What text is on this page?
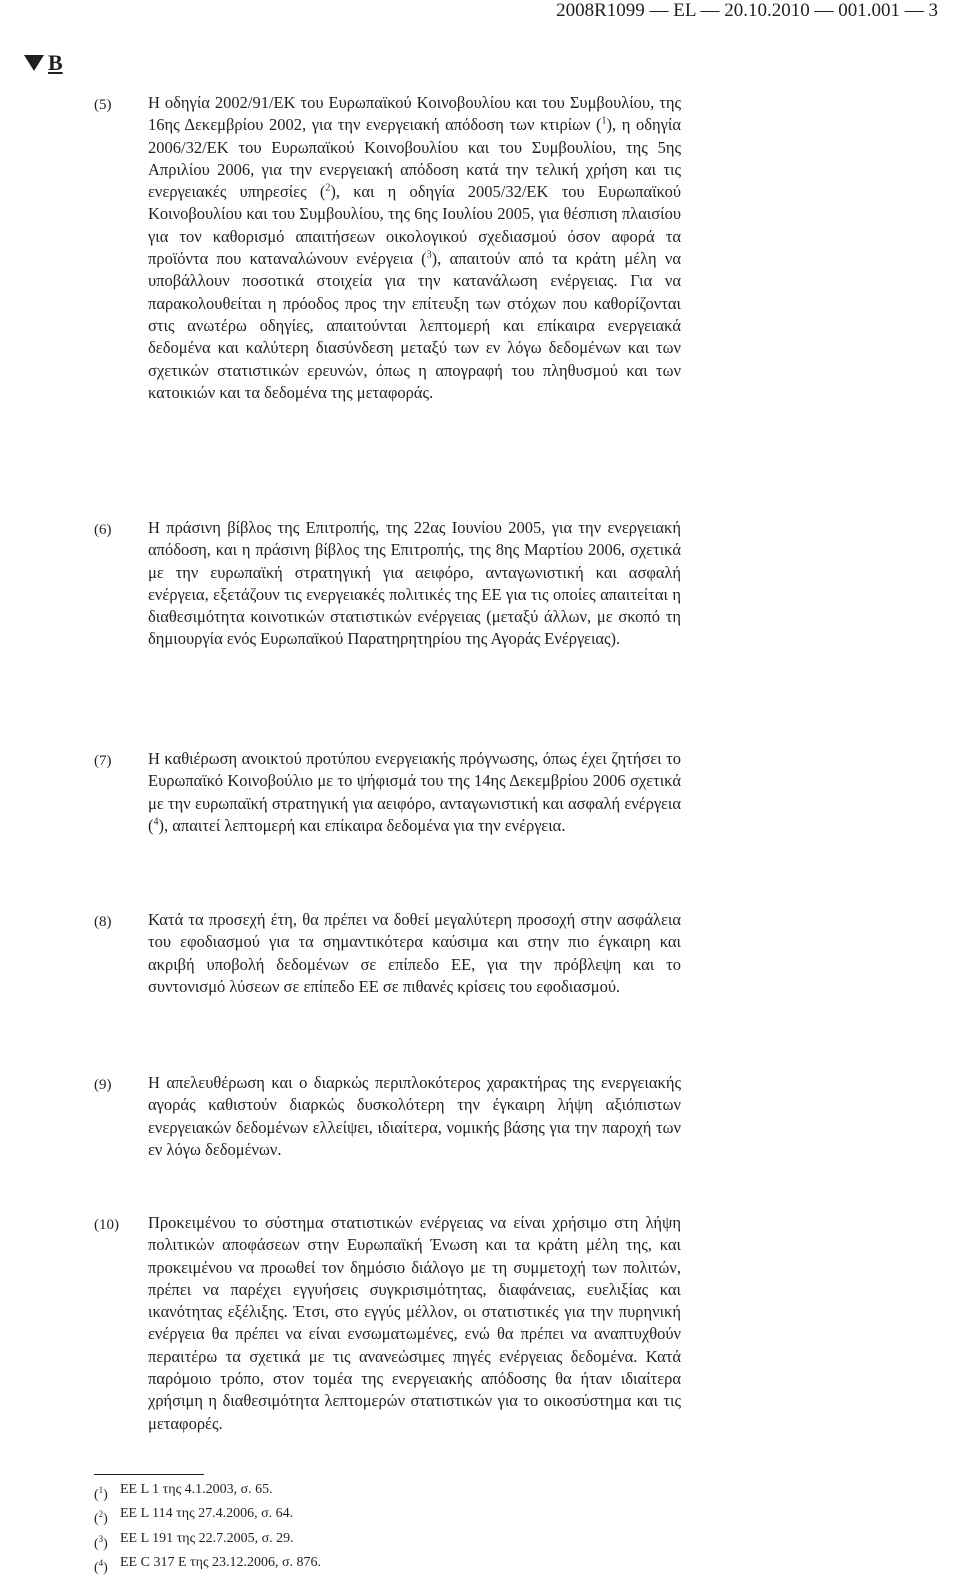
2008R1099 — EL — 20.10.2010 — 001.001 — 3
B
(5)	Η οδηγία 2002/91/ΕΚ του Ευρωπαϊκού Κοινοβουλίου και του Συμβουλίου, της 16ης Δεκεμβρίου 2002, για την ενεργειακή απόδοση των κτιρίων ($^1$), η οδηγία 2006/32/ΕΚ του Ευρωπαϊκού Κοινοβουλίου και του Συμβουλίου, της 5ης Απριλίου 2006, για την ενεργειακή απόδοση κατά την τελική χρήση και τις ενεργειακές υπηρεσίες ($^2$), και η οδηγία 2005/32/ΕΚ του Ευρωπαϊκού Κοινοβουλίου και του Συμβουλίου, της 6ης Ιουλίου 2005, για θέσπιση πλαισίου για τον καθορισμό απαιτήσεων οικολογικού σχεδιασμού όσον αφορά τα προϊόντα που καταναλώνουν ενέργεια ($^3$), απαιτούν από τα κράτη μέλη να υποβάλλουν ποσοτικά στοιχεία για την κατανάλωση ενέργειας. Για να παρακολουθείται η πρόοδος προς την επίτευξη των στόχων που καθορίζονται στις ανωτέρω οδηγίες, απαιτούνται λεπτομερή και επίκαιρα ενεργειακά δεδομένα και καλύτερη διασύνδεση μεταξύ των εν λόγω δεδομένων και των σχετικών στατιστικών ερευνών, όπως η απογραφή του πληθυσμού και των κατοικιών και τα δεδομένα της μεταφοράς.
(6)	Η πράσινη βίβλος της Επιτροπής, της 22ας Ιουνίου 2005, για την ενεργειακή απόδοση, και η πράσινη βίβλος της Επιτροπής, της 8ης Μαρτίου 2006, σχετικά με την ευρωπαϊκή στρατηγική για αειφόρο, ανταγωνιστική και ασφαλή ενέργεια, εξετάζουν τις ενεργειακές πολιτικές της ΕΕ για τις οποίες απαιτείται η διαθεσιμότητα κοινοτικών στατιστικών ενέργειας (μεταξύ άλλων, με σκοπό τη δημιουργία ενός Ευρωπαϊκού Παρατηρητηρίου της Αγοράς Ενέργειας).
(7)	Η καθιέρωση ανοικτού προτύπου ενεργειακής πρόγνωσης, όπως έχει ζητήσει το Ευρωπαϊκό Κοινοβούλιο με το ψήφισμά του της 14ης Δεκεμβρίου 2006 σχετικά με την ευρωπαϊκή στρατηγική για αειφόρο, ανταγωνιστική και ασφαλή ενέργεια ($^4$), απαιτεί λεπτομερή και επίκαιρα δεδομένα για την ενέργεια.
(8)	Κατά τα προσεχή έτη, θα πρέπει να δοθεί μεγαλύτερη προσοχή στην ασφάλεια του εφοδιασμού για τα σημαντικότερα καύσιμα και στην πιο έγκαιρη και ακριβή υποβολή δεδομένων σε επίπεδο ΕΕ, για την πρόβλεψη και το συντονισμό λύσεων σε επίπεδο ΕΕ σε πιθανές κρίσεις του εφοδιασμού.
(9)	Η απελευθέρωση και ο διαρκώς περιπλοκότερος χαρακτήρας της ενεργειακής αγοράς καθιστούν διαρκώς δυσκολότερη την έγκαιρη λήψη αξιόπιστων ενεργειακών δεδομένων ελλείψει, ιδιαίτερα, νομικής βάσης για την παροχή των εν λόγω δεδομένων.
(10)	Προκειμένου το σύστημα στατιστικών ενέργειας να είναι χρήσιμο στη λήψη πολιτικών αποφάσεων στην Ευρωπαϊκή Ένωση και τα κράτη μέλη της, και προκειμένου να προωθεί τον δημόσιο διάλογο με τη συμμετοχή των πολιτών, πρέπει να παρέχει εγγυήσεις συγκρισιμότητας, διαφάνειας, ευελιξίας και ικανότητας εξέλιξης. Έτσι, στο εγγύς μέλλον, οι στατιστικές για την πυρηνική ενέργεια θα πρέπει να είναι ενσωματωμένες, ενώ θα πρέπει να αναπτυχθούν περαιτέρω τα σχετικά με τις ανανεώσιμες πηγές ενέργειας δεδομένα. Κατά παρόμοιο τρόπο, στον τομέα της ενεργειακής απόδοσης θα ήταν ιδιαίτερα χρήσιμη η διαθεσιμότητα λεπτομερών στατιστικών για το οικοσύστημα και τις μεταφορές.
($^1$) ΕΕ L 1 της 4.1.2003, σ. 65.
($^2$) ΕΕ L 114 της 27.4.2006, σ. 64.
($^3$) ΕΕ L 191 της 22.7.2005, σ. 29.
($^4$) ΕΕ C 317 E της 23.12.2006, σ. 876.
